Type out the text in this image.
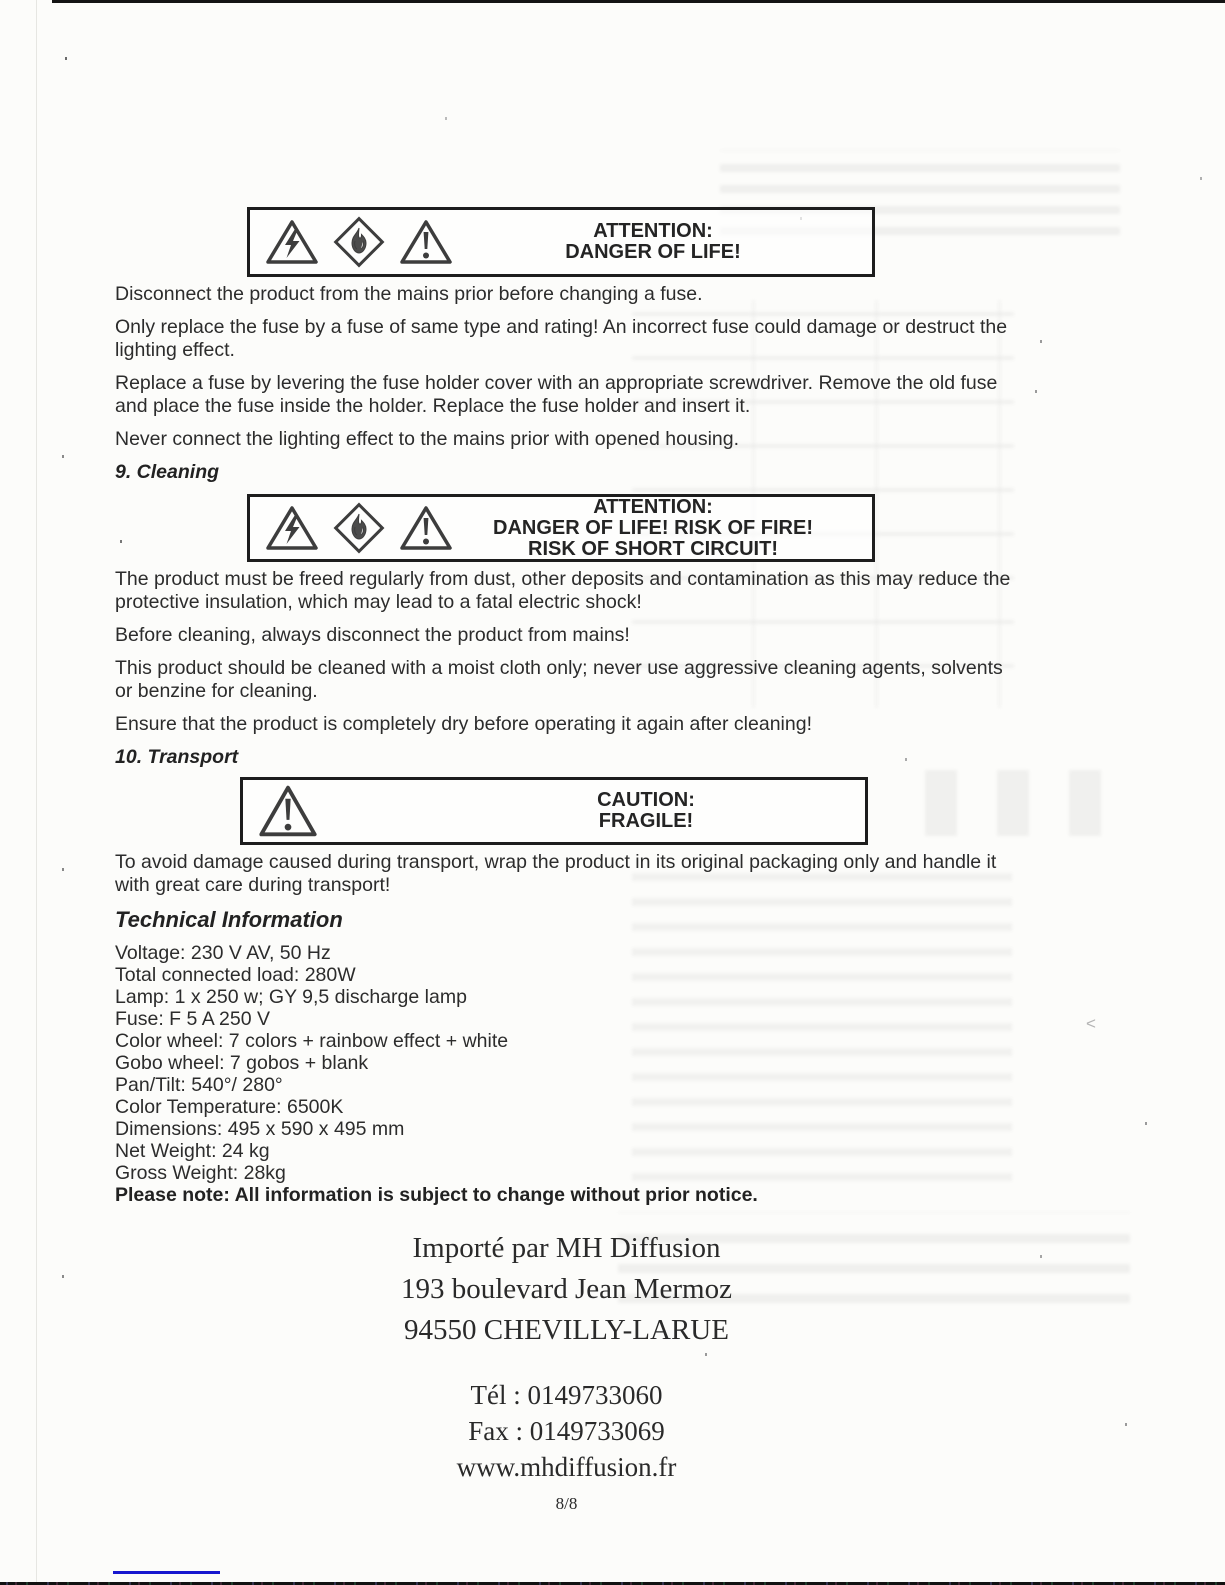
<
ATTENTION:
DANGER OF LIFE!

Disconnect the product from the mains prior before changing a fuse.

Only replace the fuse by a fuse of same type and rating! An incorrect fuse could damage or destruct the lighting effect.

Replace a fuse by levering the fuse holder cover with an appropriate screwdriver. Remove the old fuse and place the fuse inside the holder. Replace the fuse holder and insert it.

Never connect the lighting effect to the mains prior with opened housing.

9. Cleaning
ATTENTION:
DANGER OF LIFE! RISK OF FIRE!
RISK OF SHORT CIRCUIT!

The product must be freed regularly from dust, other deposits and contamination as this may reduce the protective insulation, which may lead to a fatal electric shock!

Before cleaning, always disconnect the product from mains!

This product should be cleaned with a moist cloth only; never use aggressive cleaning agents, solvents or benzine for cleaning.

Ensure that the product is completely dry before operating it again after cleaning!

10. Transport
CAUTION:
FRAGILE!

To avoid damage caused during transport, wrap the product in its original packaging only and handle it with great care during transport!

Technical Information
Voltage: 230 V AV, 50 Hz
Total connected load: 280W
Lamp: 1 x 250 w; GY 9,5 discharge lamp
Fuse: F 5 A 250 V
Color wheel: 7 colors + rainbow effect + white
Gobo wheel: 7 gobos + blank
Pan/Tilt: 540°/ 280°
Color Temperature: 6500K
Dimensions: 495 x 590 x 495 mm
Net Weight: 24 kg
Gross Weight: 28kg
Please note: All information is subject to change without prior notice.
Importé par MH Diffusion
193 boulevard Jean Mermoz
94550 CHEVILLY-LARUE
Tél : 0149733060
Fax : 0149733069
www.mhdiffusion.fr
8/8
